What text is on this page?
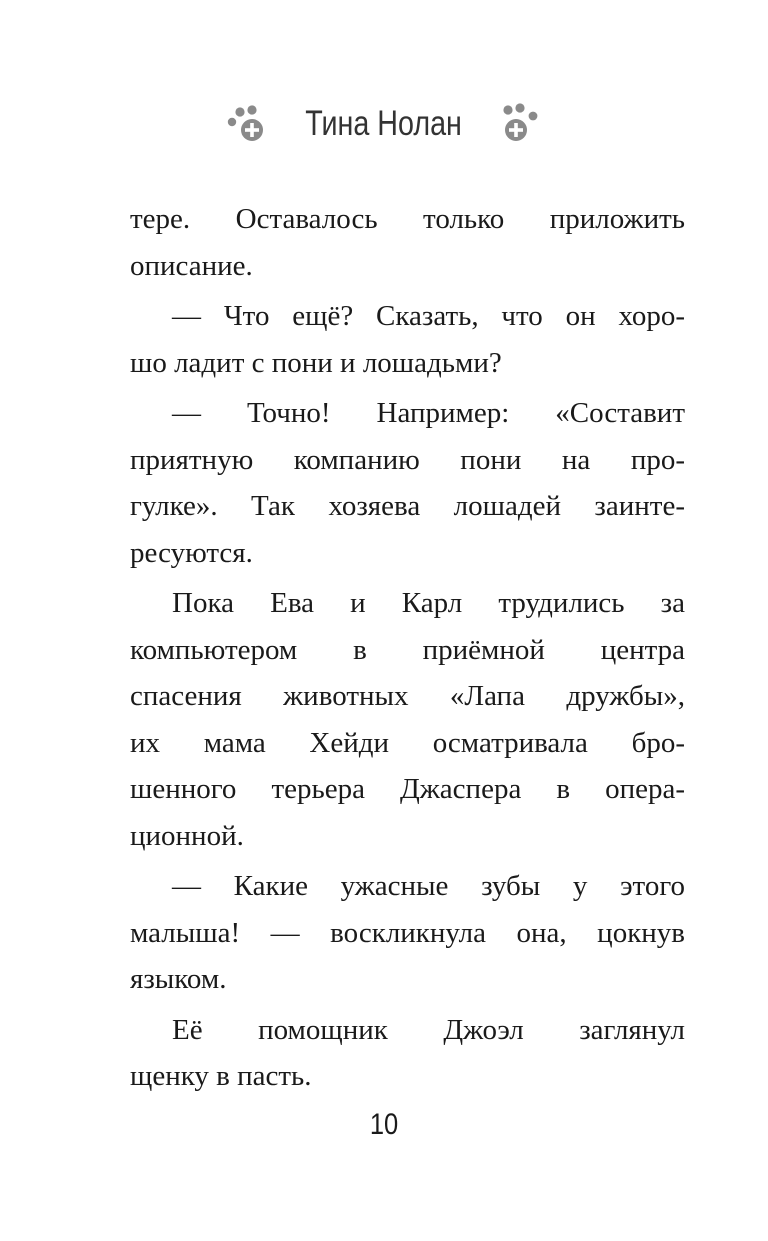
Тина Нолан
тере. Оставалось только приложить
описание.
— Что ещё? Сказать, что он хоро-
шо ладит с пони и лошадьми?
— Точно! Например: «Составит
приятную компанию пони на про-
гулке». Так хозяева лошадей заинте-
ресуются.
Пока Ева и Карл трудились за
компьютером в приёмной центра
спасения животных «Лапа дружбы»,
их мама Хейди осматривала бро-
шенного терьера Джаспера в опера-
ционной.
— Какие ужасные зубы у этого
малыша! — воскликнула она, цокнув
языком.
Её помощник Джоэл заглянул
щенку в пасть.
10
